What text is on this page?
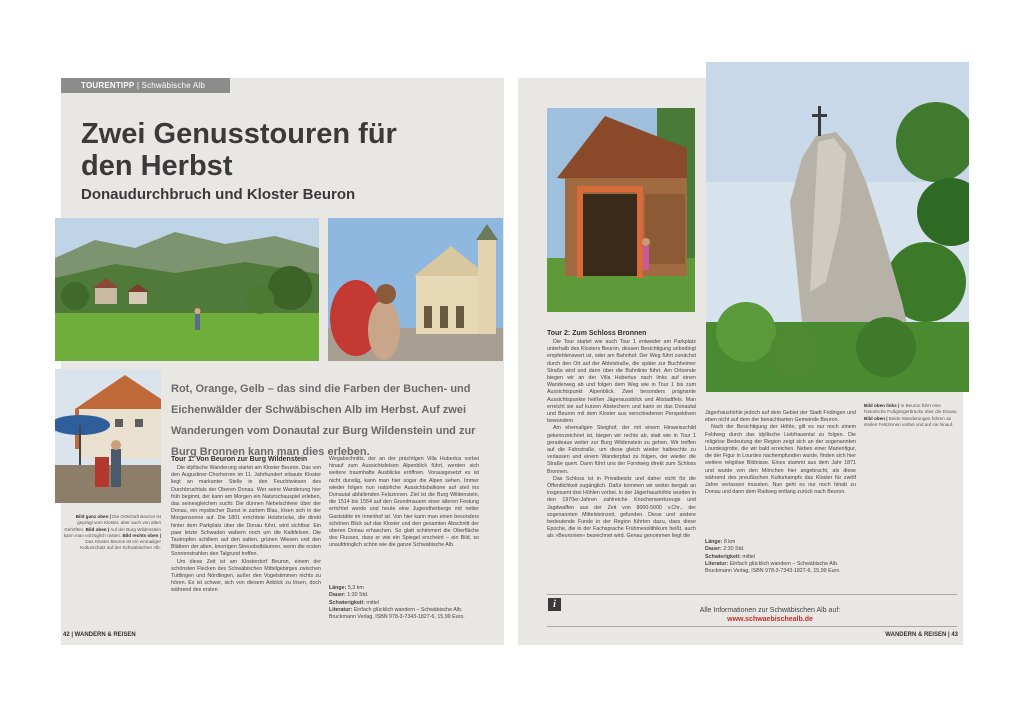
TOURENTIPP | Schwäbische Alb
Zwei Genusstouren für
den Herbst
Donaudurchbruch und Kloster Beuron
Bild ganz oben | Die Ortschaft Beuron ist geprägt vom Kloster, aber auch von alten Gehöften. Bild oben | Auf der Burg Wildenstein kann man vorzüglich rasten. Bild rechts oben | Das Kloster Beuron ist ein einmaliger Kulturschatz auf der Schwäbischen Alb.
Rot, Orange, Gelb – das sind die Farben der Buchen- und Eichenwälder der Schwäbischen Alb im Herbst. Auf zwei Wanderungen vom Donautal zur Burg Wildenstein und zur Burg Bronnen kann man dies erleben.
Tour 1: Von Beuron zur Burg Wildenstein

Die idyllische Wanderung startet am Kloster Beuron. Das von den Augustiner-Chorherren im 11. Jahrhundert erbaute Kloster liegt an markanter Stelle in den Feuchtwiesen des Durchbruchtals der Oberen Donau. Wer seine Wanderung hier früh beginnt, der kann am Morgen ein Naturschauspiel erleben, das seinesgleichen sucht: Die dünnen Nebelschleier über der Donau, ein mystischer Dunst in zartem Blau, lösen sich in der Morgensonne auf. Die 1801 errichtete Holzbrücke, die direkt hinter dem Parkplatz über die Donau führt, wird sichtbar. Ein paar letzte Schwaden wabern noch um die Kalkfelsen. Die Tautropfen schillern auf den satten, grünen Wiesen und den Blättern der alten, knorrigen Streuobstbäumen, wenn die ersten Sonnenstrahlen den Talgrund treffen.

Um diese Zeit ist am Klosterdorf Beuron, einem der schönsten Flecken des Schwäbischen Mittelgebirges zwischen Tuttlingen und Nördlingen, außer den Vogelstimmen nichts zu hören. Es ist schwer, sich von diesem Anblick zu lösen, doch während des ersten

Wegabschnitts, der an der prächtigen Villa Hubertus vorbei hinauf zum Aussichtsfelsen Alpenblick führt, werden sich weitere traumhafte Ausblicke eröffnen. Vorausgesetzt es ist nicht dunstig, kann man hier sogar die Alpen sehen. Immer wieder folgen nun natürliche Aussichtsbalkone auf steil ins Donautal abfallenden Felszinnen. Ziel ist die Burg Wildenstein, die 1514 bis 1554 auf den Grundmauern einer älteren Festung errichtet wurde und heute eine Jugendherberge mit netter Gaststätte im Innenhof ist. Von hier kann man einen besonders schönen Blick auf das Kloster und den gesamten Abschnitt der oberen Donau erhaschen. So glatt schimmert die Oberfläche des Flusses, dass er wie ein Spiegel erscheint – ein Bild, so unaufdringlich schön wie die ganze Schwäbische Alb.

Länge: 5,3 km
Dauer: 1:30 Std.
Schwierigkeit: mittel
Literatur: Einfach glücklich wandern – Schwäbische Alb. Bruckmann Verlag, ISBN 978-3-7343-1827-6, 15,99 Euro.
42 | WANDERN & REISEN
Tour 2: Zum Schloss Bronnen

Die Tour startet wie auch Tour 1 entweder am Parkplatz unterhalb des Klosters Beuron, dessen Besichtigung unbedingt empfehlenswert ist, oder am Bahnhof. Der Weg führt zunächst durch den Ort auf der Abteistraße, die später zur Buchheimer Straße wird und dann über die Bahnlinie führt. Am Ortsende biegen wir an der Villa Hubertus nach links auf einen Wanderweg ab und folgen dem Weg wie in Tour 1 bis zum Aussichtspunkt Alpenblick. Zwei besonders prägnante Aussichtspunkte heißen Jägeraussblick und Altstadtfels. Man erreicht sie auf kurzen Abstechern und kann so das Donautal und Beuron mit dem Kloster aus verschiedenen Perspektiven bewundern.

Am ehemaligen Steighof, der mit einem Hinweisschild gekennzeichnet ist, biegen wir rechts ab, statt wie in Tour 1 geradeaus weiter zur Burg Wildenstein zu gehen. Wir treffen auf die Fahrstraße, um diese gleich wieder halbrechts zu verlassen und einem Wanderpfad zu folgen, der wieder die Straße quert. Dann führt uns der Forstweg direkt zum Schloss Bronnen.

Das Schloss ist in Privatbesitz und daher nicht für die Öffentlichkeit zugänglich. Dafür kommen wir weiter bergab an insgesamt drei Höhlen vorbei. In der Jägerhaushöhle wurden in den 1970er-Jahren zahlreiche Knochenwerkzeuge und Jagdwaffen aus der Zeit von 8000-5000 v.Chr., der sogenannten Mittelsteinzeit, gefunden. Diese und andere bedeutende Funde in der Region führten dazu, dass diese Epoche, die in der Fachsprache Frühmesolithikum heißt, auch als »Beuronien« bezeichnet wird. Genau genommen liegt die

Jägerhaushöhle jedoch auf dem Gebiet der Stadt Fridingen und eben nicht auf dem der benachbarten Gemeinde Beuron.

Nach der Besichtigung der Höhle, gilt es nur noch einem Feldweg durch das idyllische Liebfrauental zu folgen. Die religiöse Bedeutung der Region zeigt sich an der sogenannten Lourdesgrotte, die wir bald erreichen. Neben einer Marienfigur, die der Figur in Lourdes nachempfunden wurde, finden sich hier weitere religiöse Bildnisse. Eines stammt aus dem Jahr 1871 und wurde von den Mönchen hier angebracht, als diese während des preußischen Kulturkampfs das Kloster für zwölf Jahre verlassen mussten. Nun geht es nur noch hinab zu Donau und dann dem Radweg entlang zurück nach Beuron.

Länge: 8 km
Dauer: 2:30 Std.
Schwierigkeit: mittel
Literatur: Einfach glücklich wandern – Schwäbische Alb. Bruckmann Verlag, ISBN 978-3-7343-1827-6, 15,99 Euro.
Bild oben links | In Beuron führt eine historische Fußgängerbrücke über die Donau. Bild oben | Beide Wanderungen führen an steilen Felszinnen vorbei und auf sie hinauf.
i
Alle Informationen zur Schwäbischen Alb auf:
www.schwaebischealb.de
WANDERN & REISEN | 43
